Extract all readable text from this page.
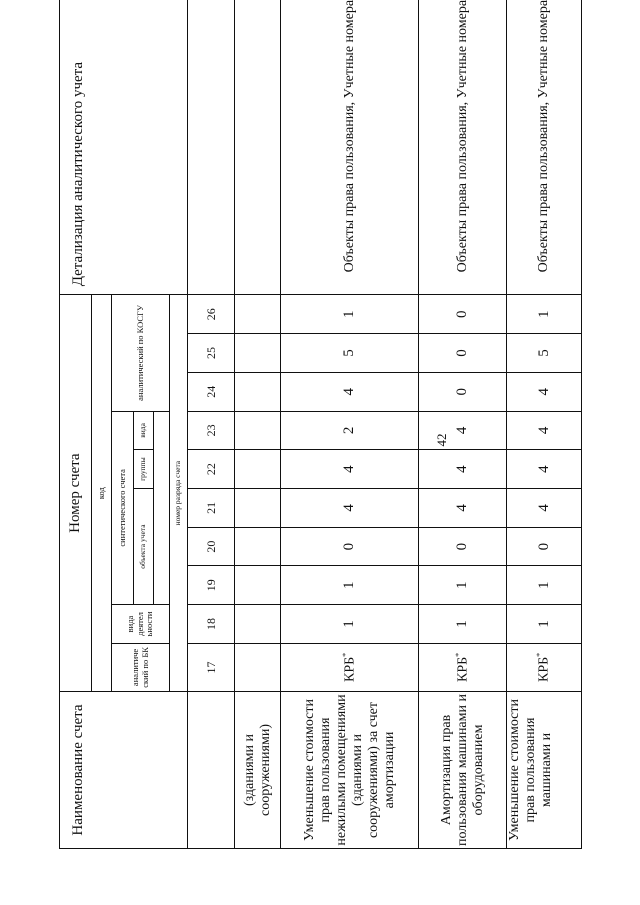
42
Наименование счета	Номер счета										Детализация аналитического учета
	код										
	аналитиче ский по БК	вида деятел ьности	синтетического счета					аналитический по КОСГУ			
			объекта учета			группы	вида				

	номер разряда счета										
	17	18	19	20	21	22	23	24	25	26	
(зданиями и сооружениями)											
Уменьшение стоимости прав пользования нежилыми помещениями (зданиями и сооружениями) за счет амортизации	КРБ*	1	1	0	4	4	2	4	5	1	Объекты права пользования, Учетные номера
Амортизация прав пользования машинами и оборудованием	КРБ*	1	1	0	4	4	4	0	0	0	Объекты права пользования, Учетные номера
Уменьшение стоимости прав пользования машинами и	КРБ*	1	1	0	4	4	4	4	5	1	Объекты права пользования, Учетные номера
